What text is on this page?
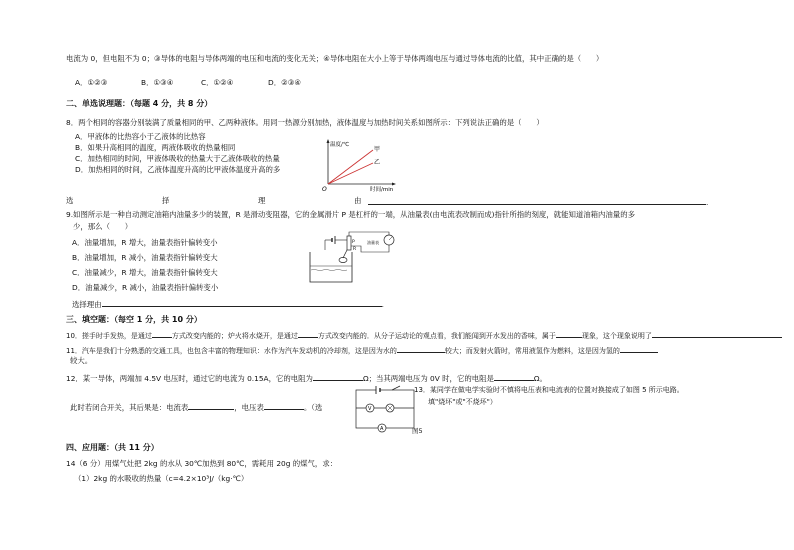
电流为 0，但电阻不为 0；③导体的电阻与导体两端的电压和电流的变化无关；④导体电阻在大小上等于导体两端电压与通过导体电流的比值，其中正确的是（　　）
A．①②③	B．①③④	C．①②④	D．②③④
二、单选说理题：（每题 4 分，共 8 分）
8．两个相同的容器分别装满了质量相同的甲、乙两种液体。用同一热源分别加热，液体温度与加热时间关系如图所示：下列说法正确的是（　　）
A．甲液体的比热容小于乙液体的比热容
B．如果升高相同的温度，两液体吸收的热量相同
C．加热相同的时间，甲液体吸收的热量大于乙液体吸收的热量
D．加热相同的时间，乙液体温度升高的比甲液体温度升高的多
温度/℃
时间/min
O
甲
乙
选	择	理	由	.
9.如图所示是一种自动测定油箱内油量多少的装置，R 是滑动变阻器，它的金属滑片 P 是杠杆的一端，从油量表(由电流表改制而成)指针所指的刻度，就能知道油箱内油量的多
少，那么（　　）
A．油量增加，R 增大，油量表指针偏转变小
B．油量增加，R 减小，油量表指针偏转变大
C．油量减少，R 增大，油量表指针偏转变大
D．油量减少，R 减小，油量表指针偏转变小
选择理由	.
R
P	油量表
三、填空题：（每空 1 分，共 10 分）
10．搓手时手发热，是通过	方式改变内能的；炉火将水烧开，是通过	方式改变内能的．从分子运动论的观点看，我们能闻到开水发出的香味，属于	现象，这个现象说明了
11．汽车是我们十分熟悉的交通工具，也包含丰富的物理知识：水作为汽车发动机的冷却剂，这是因为水的	较大；而发射火箭时，常用液氢作为燃料，这是因为氢的
较大。
12．某一导体，两端加 4.5V 电压时，通过它的电流为 0.15A，它的电阻为	Ω；当其两端电压为 0V 时，它的电阻是	Ω。
13．某同学在做电学实验时不慎将电压表和电流表的位置对换接成了如图 5 所示电路。
填"烧坏"或"不烧坏"）
此时若闭合开关，其后果是：电流表	，电压表	。（选	V
A	图5
四、应用题：（共 11 分）
14（6 分）用煤气灶把 2kg 的水从 30℃加热到 80℃，需耗用 20g 的煤气，求：
（1）2kg 的水吸收的热量（c=4.2×10³J/（kg·℃）
